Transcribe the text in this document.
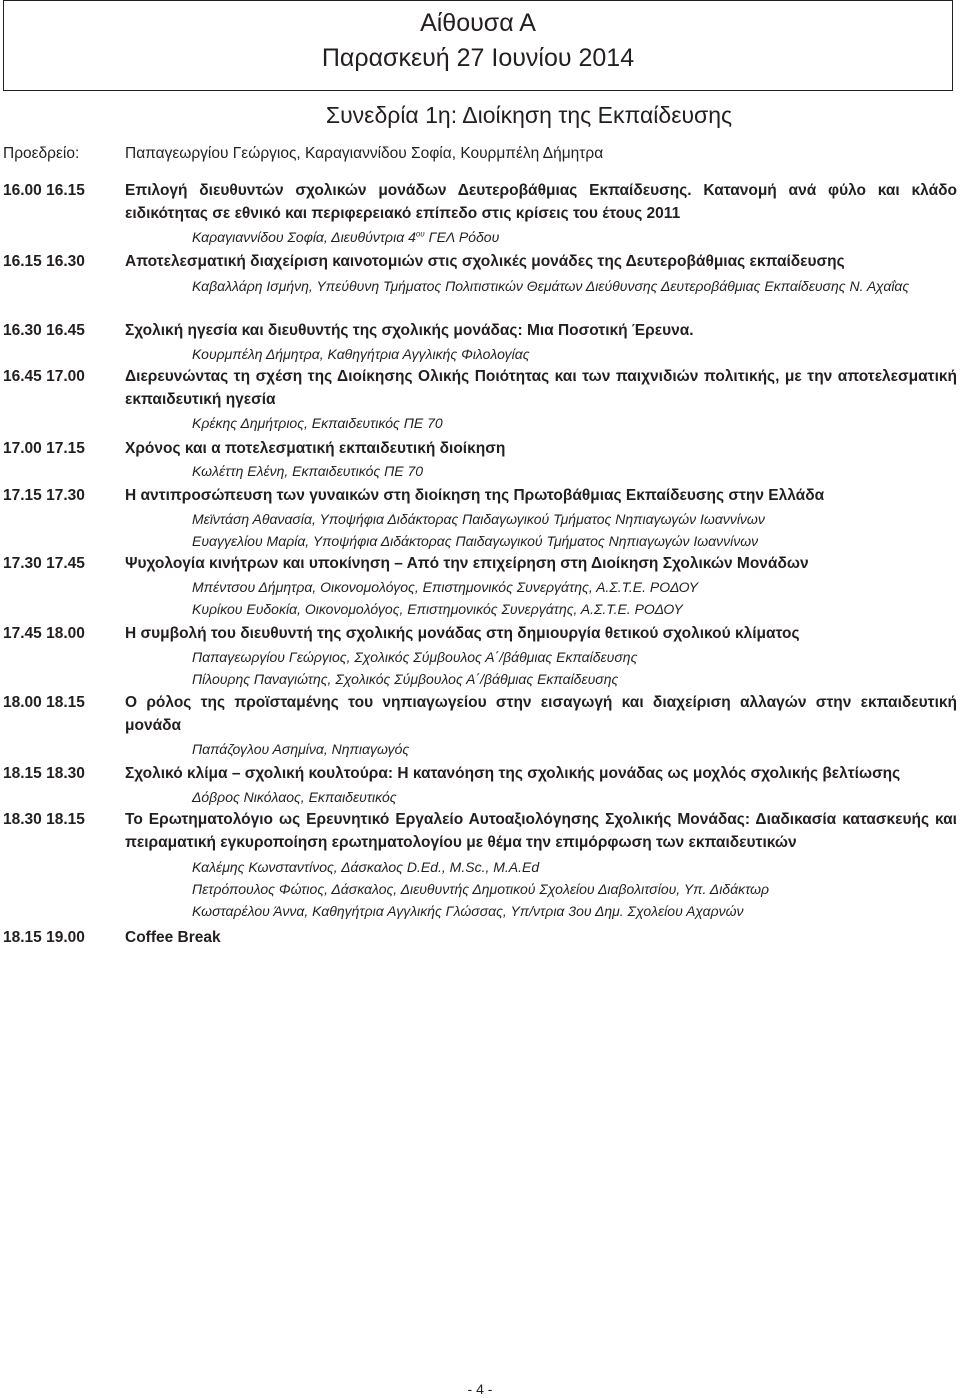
Αίθουσα Α
Παρασκευή 27 Ιουνίου 2014
Συνεδρία 1η: Διοίκηση της Εκπαίδευσης
Προεδρείο:	Παπαγεωργίου Γεώργιος, Καραγιαννίδου Σοφία, Κουρμπέλη Δήμητρα
16.00 16.15	Επιλογή διευθυντών σχολικών μονάδων Δευτεροβάθμιας Εκπαίδευσης. Κατανομή ανά φύλο και κλάδο ειδικότητας σε εθνικό και περιφερειακό επίπεδο στις κρίσεις του έτους 2011
Καραγιαννίδου Σοφία, Διευθύντρια $4^{o\upsilon}$ ΓΕΛ Ρόδου
16.15 16.30	Αποτελεσματική διαχείριση καινοτομιών στις σχολικές μονάδες της Δευτεροβάθμιας εκπαίδευσης
Καβαλλάρη Ισμήνη, Υπεύθυνη Τμήματος Πολιτιστικών Θεμάτων Διεύθυνσης Δευτεροβάθμιας Εκπαίδευσης Ν. Αχαΐας
16.30 16.45	Σχολική ηγεσία και διευθυντής της σχολικής μονάδας: Μια Ποσοτική Έρευνα.
Κουρμπέλη Δήμητρα, Καθηγήτρια Αγγλικής Φιλολογίας
16.45 17.00	Διερευνώντας τη σχέση της Διοίκησης Ολικής Ποιότητας και των παιχνιδιών πολιτικής, με την αποτελεσματική εκπαιδευτική ηγεσία
Κρέκης Δημήτριος, Εκπαιδευτικός ΠΕ 70
17.00 17.15	Χρόνος και α ποτελεσματική εκπαιδευτική διοίκηση
Κωλέττη Ελένη, Εκπαιδευτικός ΠΕ 70
17.15 17.30	Η αντιπροσώπευση των γυναικών στη διοίκηση της Πρωτοβάθμιας Εκπαίδευσης στην Ελλάδα
Μεϊντάση Αθανασία, Υποψήφια Διδάκτορας Παιδαγωγικού Τμήματος Νηπιαγωγών Ιωαννίνων
Ευαγγελίου Μαρία, Υποψήφια Διδάκτορας Παιδαγωγικού Τμήματος Νηπιαγωγών Ιωαννίνων
17.30 17.45	Ψυχολογία κινήτρων και υποκίνηση – Από την επιχείρηση στη Διοίκηση Σχολικών Μονάδων
Μπέντσου Δήμητρα, Οικονομολόγος, Επιστημονικός Συνεργάτης, Α.Σ.Τ.Ε. ΡΟΔΟΥ
Κυρίκου Ευδοκία, Οικονομολόγος, Επιστημονικός Συνεργάτης, Α.Σ.Τ.Ε. ΡΟΔΟΥ
17.45 18.00	Η συμβολή του διευθυντή της σχολικής μονάδας στη δημιουργία θετικού σχολικού κλίματος
Παπαγεωργίου Γεώργιος, Σχολικός Σύμβουλος Α΄/βάθμιας Εκπαίδευσης
Πίλουρης Παναγιώτης, Σχολικός Σύμβουλος Α΄/βάθμιας Εκπαίδευσης
18.00 18.15	Ο ρόλος της προϊσταμένης του νηπιαγωγείου στην εισαγωγή και διαχείριση αλλαγών στην εκπαιδευτική μονάδα
Παπάζογλου Ασημίνα, Νηπιαγωγός
18.15 18.30	Σχολικό κλίμα – σχολική κουλτούρα: Η κατανόηση της σχολικής μονάδας ως μοχλός σχολικής βελτίωσης
Δόβρος Νικόλαος, Εκπαιδευτικός
18.30 18.15	Το Ερωτηματολόγιο ως Ερευνητικό Εργαλείο Αυτοαξιολόγησης Σχολικής Μονάδας: Διαδικασία κατασκευής και πειραματική εγκυροποίηση ερωτηματολογίου με θέμα την επιμόρφωση των εκπαιδευτικών
Καλέμης Κωνσταντίνος, Δάσκαλος D.Ed., M.Sc., M.A.Ed
Πετρόπουλος Φώτιος, Δάσκαλος, Διευθυντής Δημοτικού Σχολείου Διαβολιτσίου, Υπ. Διδάκτωρ
Κωσταρέλου Άννα, Καθηγήτρια Αγγλικής Γλώσσας, Υπ/ντρια 3ου Δημ. Σχολείου Αχαρνών
18.15 19.00	Coffee Break
- 4 -
